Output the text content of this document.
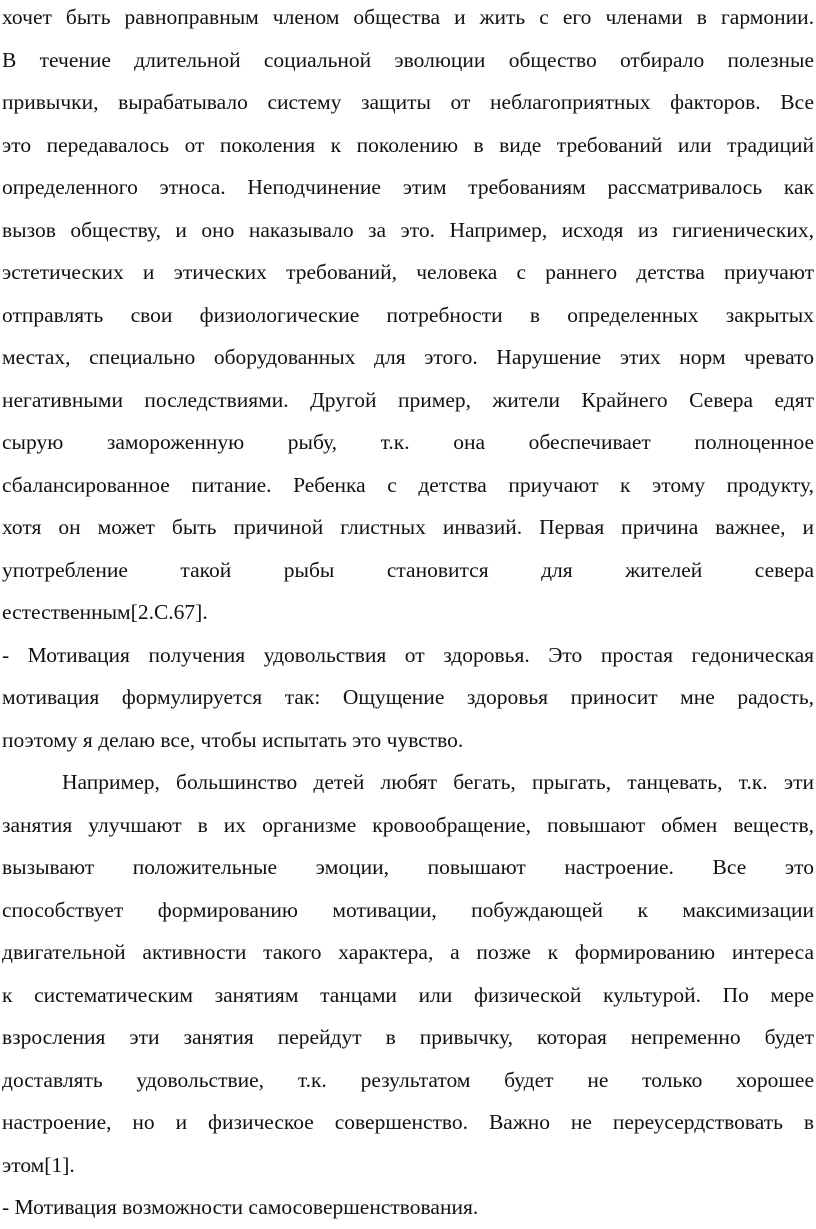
хочет быть равноправным членом общества и жить с его членами в гармонии.
В течение длительной социальной эволюции общество отбирало полезные
привычки, вырабатывало систему защиты от неблагоприятных факторов. Все
это передавалось от поколения к поколению в виде требований или традиций
определенного этноса. Неподчинение этим требованиям рассматривалось как
вызов обществу, и оно наказывало за это. Например, исходя из гигиенических,
эстетических и этических требований, человека с раннего детства приучают
отправлять свои физиологические потребности в определенных закрытых
местах, специально оборудованных для этого. Нарушение этих норм чревато
негативными последствиями. Другой пример, жители Крайнего Севера едят
сырую замороженную рыбу, т.к. она обеспечивает полноценное
сбалансированное питание. Ребенка с детства приучают к этому продукту,
хотя он может быть причиной глистных инвазий. Первая причина важнее, и
употребление такой рыбы становится для жителей севера
естественным[2.С.67].

- Мотивация получения удовольствия от здоровья. Это простая гедоническая
мотивация формулируется так: Ощущение здоровья приносит мне радость,
поэтому я делаю все, чтобы испытать это чувство.

Например, большинство детей любят бегать, прыгать, танцевать, т.к. эти
занятия улучшают в их организме кровообращение, повышают обмен веществ,
вызывают положительные эмоции, повышают настроение. Все это
способствует формированию мотивации, побуждающей к максимизации
двигательной активности такого характера, а позже к формированию интереса
к систематическим занятиям танцами или физической культурой. По мере
взросления эти занятия перейдут в привычку, которая непременно будет
доставлять удовольствие, т.к. результатом будет не только хорошее
настроение, но и физическое совершенство. Важно не переусердствовать в
этом[1].

- Мотивация возможности самосовершенствования.
